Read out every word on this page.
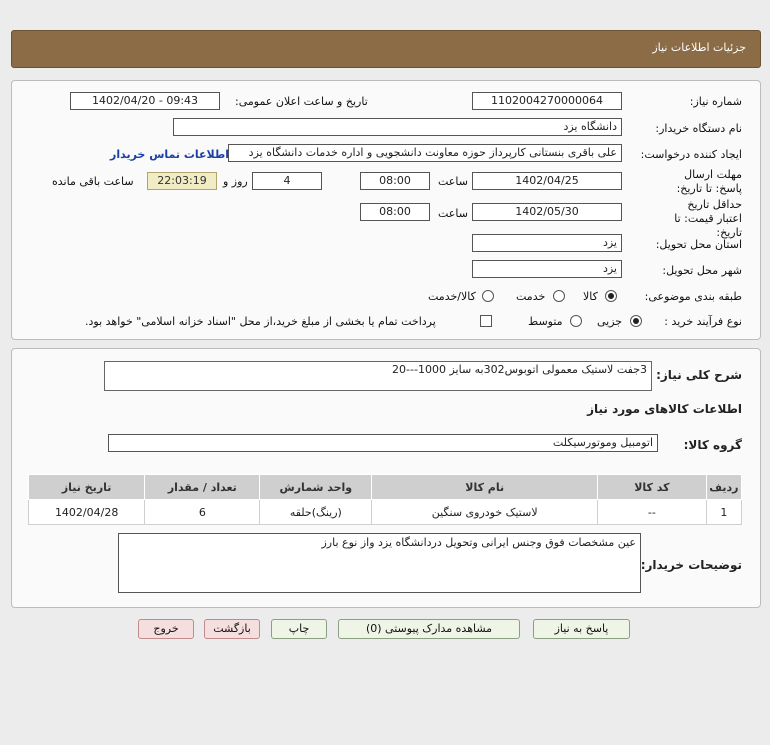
جزئیات اطلاعات نیاز
شماره نیاز:
1102004270000064
تاریخ و ساعت اعلان عمومی:
1402/04/20 - 09:43
نام دستگاه خریدار:
دانشگاه یزد
ایجاد کننده درخواست:
علی باقری بنستانی کارپرداز حوزه معاونت دانشجویی و اداره خدمات دانشگاه یزد
اطلاعات تماس خریدار
مهلت ارسال پاسخ: تا تاریخ:
1402/04/25
ساعت
08:00
4
روز و
22:03:19
ساعت باقی مانده
حداقل تاریخ اعتبار قیمت: تا تاریخ:
1402/05/30
ساعت
08:00
استان محل تحویل:
یزد
شهر محل تحویل:
یزد
طبقه بندی موضوعی:
کالا
خدمت
کالا/خدمت
نوع فرآیند خرید :
جزیی
متوسط
پرداخت تمام یا بخشی از مبلغ خرید،از محل "اسناد خزانه اسلامی" خواهد بود.
شرح کلی نیاز:
3جفت لاستیک معمولی اتوبوس302به سایز 1000---20
اطلاعات کالاهای مورد نیاز
گروه کالا:
اتومبیل وموتورسیکلت
ردیف	کد کالا	نام کالا	واحد شمارش	تعداد / مقدار	تاریخ نیاز
1	--	لاستیک خودروی سنگین	(رینگ)حلقه	6	1402/04/28
توضیحات خریدار:
عین مشخصات فوق وجنس ایرانی وتحویل دردانشگاه یزد واز نوع بارز
پاسخ به نیاز
مشاهده مدارک پیوستی (0)
چاپ
بازگشت
خروج
